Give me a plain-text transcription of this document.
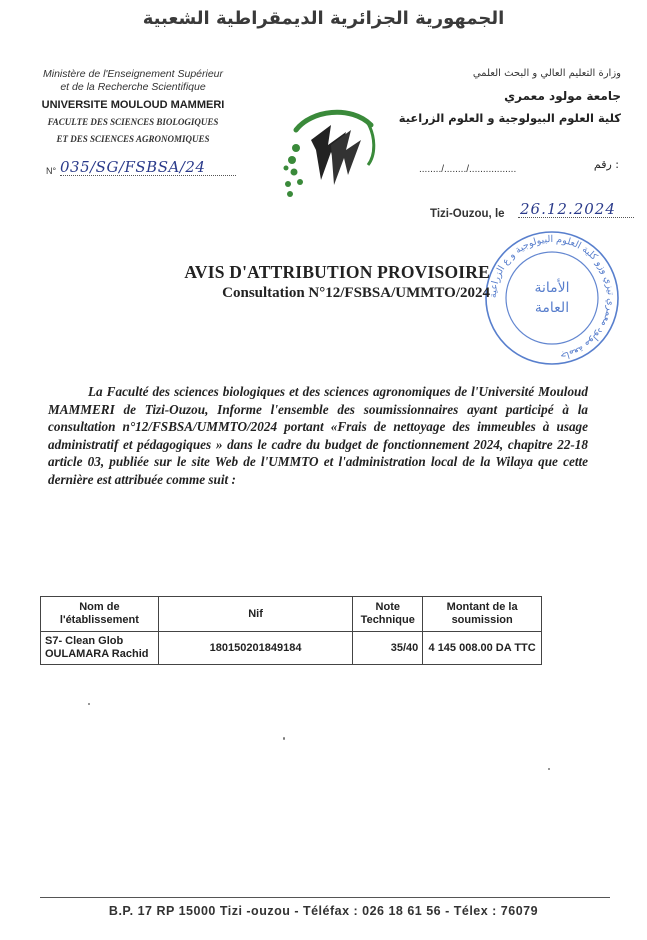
الجمهورية الجزائرية الديمقراطية الشعبية
Ministère de l'Enseignement Supérieur
et de la Recherche Scientifique
UNIVERSITE MOULOUD MAMMERI
FACULTE DES SCIENCES BIOLOGIQUES
ET DES SCIENCES AGRONOMIQUES
N° 035/SG/FSBSA/24
وزارة التعليم العالي و البحث العلمي
جامعة مولود معمري
كلية العلوم البيولوجية و العلوم الزراعية
......../......../.................	رقم :
Tizi-Ouzou, le 26.12.2024
جامعة مولود معمري تيزي وزو كلية العلوم البيولوجية و ع الزراعية
الأمانة
العامة
AVIS D'ATTRIBUTION PROVISOIRE
Consultation N°12/FSBSA/UMMTO/2024
La Faculté des sciences biologiques et des sciences agronomiques de l'Université Mouloud MAMMERI de Tizi-Ouzou, Informe l'ensemble des soumissionnaires ayant participé à la consultation n°12/FSBSA/UMMTO/2024 portant «Frais de nettoyage des immeubles à usage administratif et pédagogiques » dans le cadre du budget de fonctionnement 2024, chapitre 22-18 article 03, publiée sur le site Web de l'UMMTO et l'administration local de la Wilaya que cette dernière est attribuée comme suit :
Nom de l'établissement	Nif	Note Technique	Montant de la soumission
S7- Clean Glob OULAMARA Rachid	180150201849184	35/40	4 145 008.00 DA TTC
B.P. 17 RP 15000 Tizi -ouzou - Téléfax : 026 18 61 56 - Télex : 76079
